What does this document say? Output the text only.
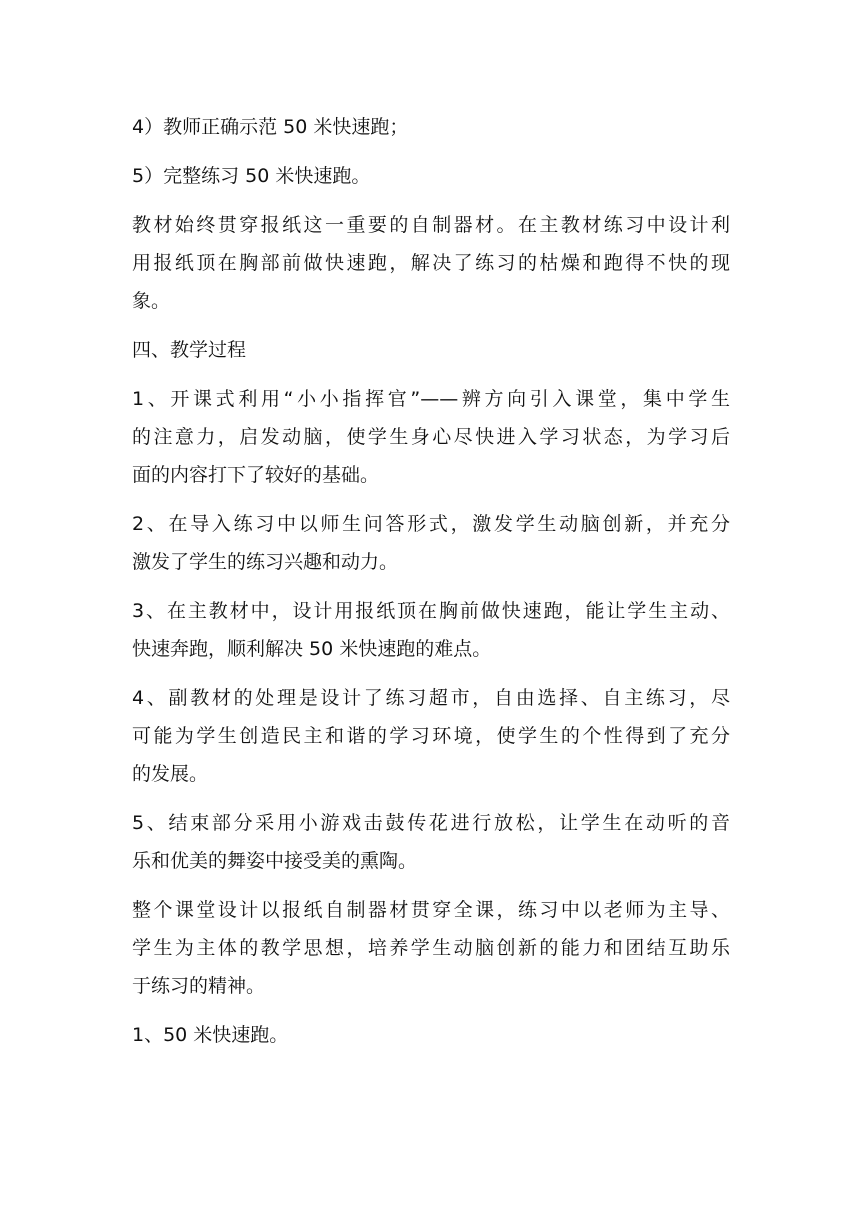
4）教师正确示范 50 米快速跑；
5）完整练习 50 米快速跑。
教材始终贯穿报纸这一重要的自制器材。在主教材练习中设计利
用报纸顶在胸部前做快速跑，解决了练习的枯燥和跑得不快的现
象。
四、教学过程
1、开课式利用“小小指挥官”——辨方向引入课堂，集中学生
的注意力，启发动脑，使学生身心尽快进入学习状态，为学习后
面的内容打下了较好的基础。
2、在导入练习中以师生问答形式，激发学生动脑创新，并充分
激发了学生的练习兴趣和动力。
3、在主教材中，设计用报纸顶在胸前做快速跑，能让学生主动、
快速奔跑，顺利解决 50 米快速跑的难点。
4、副教材的处理是设计了练习超市，自由选择、自主练习，尽
可能为学生创造民主和谐的学习环境，使学生的个性得到了充分
的发展。
5、结束部分采用小游戏击鼓传花进行放松，让学生在动听的音
乐和优美的舞姿中接受美的熏陶。
整个课堂设计以报纸自制器材贯穿全课，练习中以老师为主导、
学生为主体的教学思想，培养学生动脑创新的能力和团结互助乐
于练习的精神。
1、50 米快速跑。
